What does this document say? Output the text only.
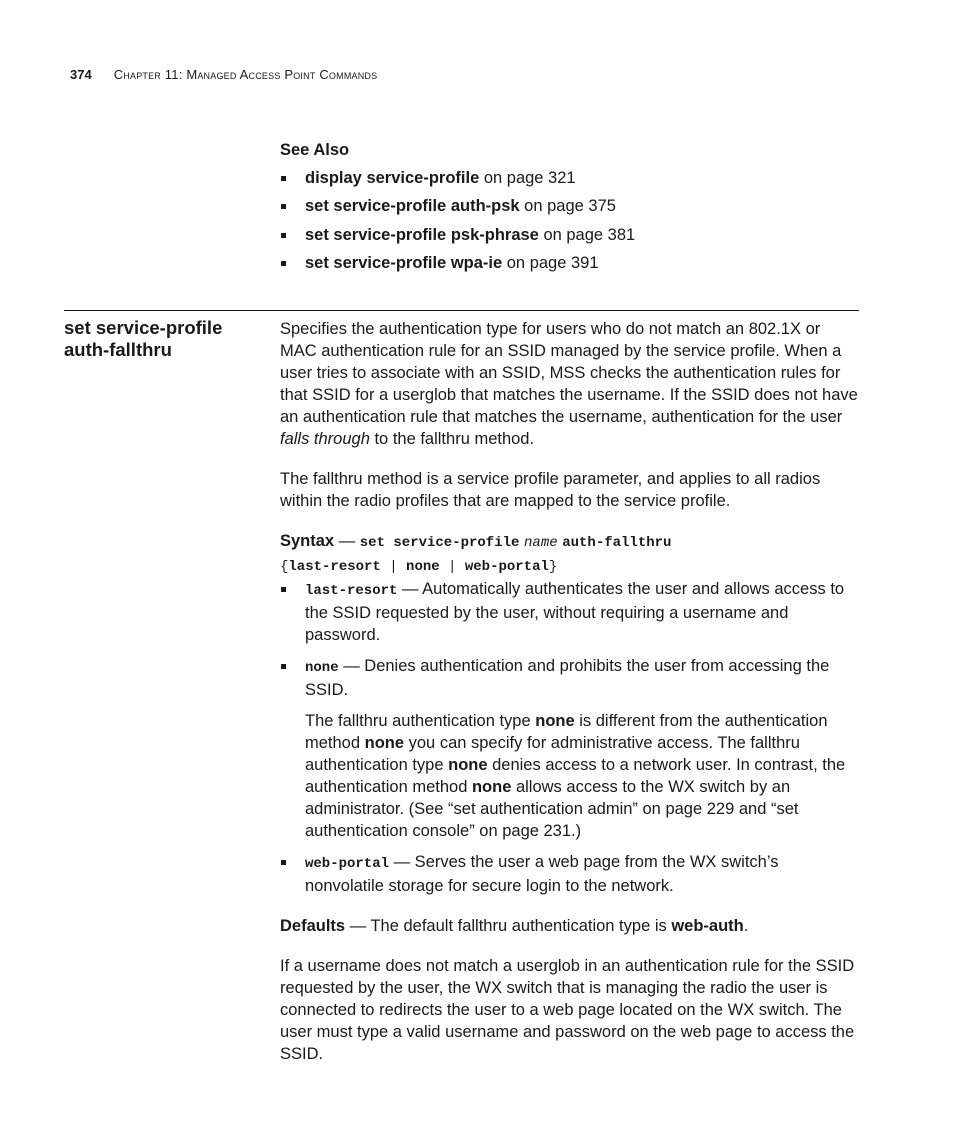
374 Chapter 11: Managed Access Point Commands
See Also
display service-profile on page 321
set service-profile auth-psk on page 375
set service-profile psk-phrase on page 381
set service-profile wpa-ie on page 391
set service-profile
auth-fallthru

Specifies the authentication type for users who do not match an 802.1X or MAC authentication rule for an SSID managed by the service profile. When a user tries to associate with an SSID, MSS checks the authentication rules for that SSID for a userglob that matches the username. If the SSID does not have an authentication rule that matches the username, authentication for the user falls through to the fallthru method.

The fallthru method is a service profile parameter, and applies to all radios within the radio profiles that are mapped to the service profile.

Syntax — set service-profile name auth-fallthru
{last-resort | none | web-portal}

last-resort — Automatically authenticates the user and allows access to the SSID requested by the user, without requiring a username and password.

none — Denies authentication and prohibits the user from accessing the SSID.

The fallthru authentication type none is different from the authentication method none you can specify for administrative access. The fallthru authentication type none denies access to a network user. In contrast, the authentication method none allows access to the WX switch by an administrator. (See “set authentication admin” on page 229 and “set authentication console” on page 231.)

web-portal — Serves the user a web page from the WX switch’s nonvolatile storage for secure login to the network.

Defaults — The default fallthru authentication type is web-auth.

If a username does not match a userglob in an authentication rule for the SSID requested by the user, the WX switch that is managing the radio the user is connected to redirects the user to a web page located on the WX switch. The user must type a valid username and password on the web page to access the SSID.
